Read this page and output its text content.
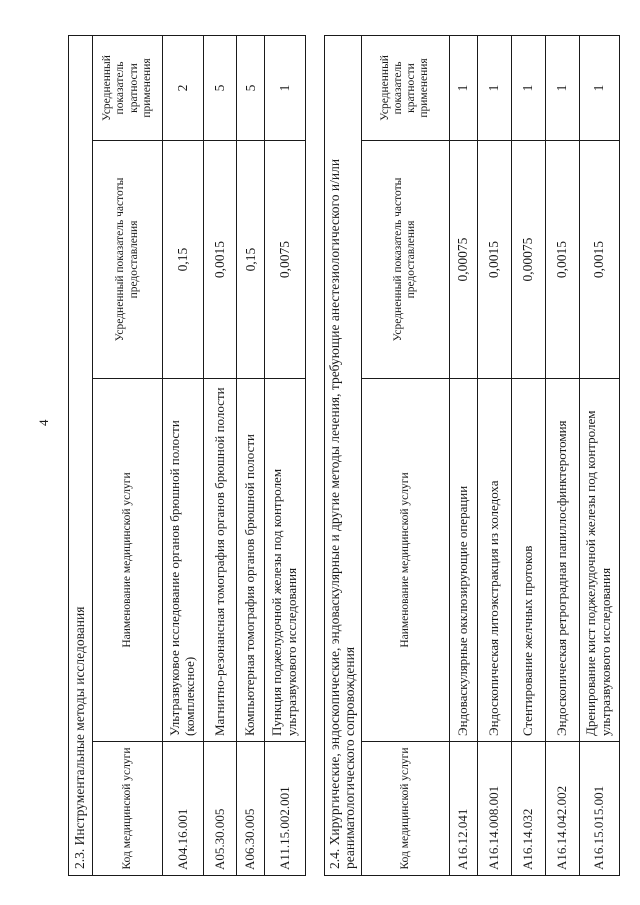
4
2.3. Инструментальные методы исследования			
Код медицинской услуги	Наименование медицинской услуги	Усредненный показатель частоты предоставления	Усредненный показатель кратности применения
A04.16.001	Ультразвуковое исследование органов брюшной полости (комплексное)	0,15	2
A05.30.005	Магнитно-резонансная томография органов брюшной полости	0,0015	5
A06.30.005	Компьютерная томография органов брюшной полости	0,15	5
A11.15.002.001	Пункция поджелудочной железы под контролем ультразвукового исследования	0,0075	1
2.4. Хирургические, эндоскопические, эндоваскулярные и другие методы лечения, требующие анестезиологического и/или реаниматологического сопровождения			
Код медицинской услуги	Наименование медицинской услуги	Усредненный показатель частоты предоставления	Усредненный показатель кратности применения
A16.12.041	Эндоваскулярные окклюзирующие операции	0,00075	1
A16.14.008.001	Эндоскопическая литоэкстракция из холедоха	0,0015	1
A16.14.032	Стентирование желчных протоков	0,00075	1
A16.14.042.002	Эндоскопическая ретроградная папиллосфинктеротомия	0,0015	1
A16.15.015.001	Дренирование кист поджелудочной железы под контролем ультразвукового исследования	0,0015	1
